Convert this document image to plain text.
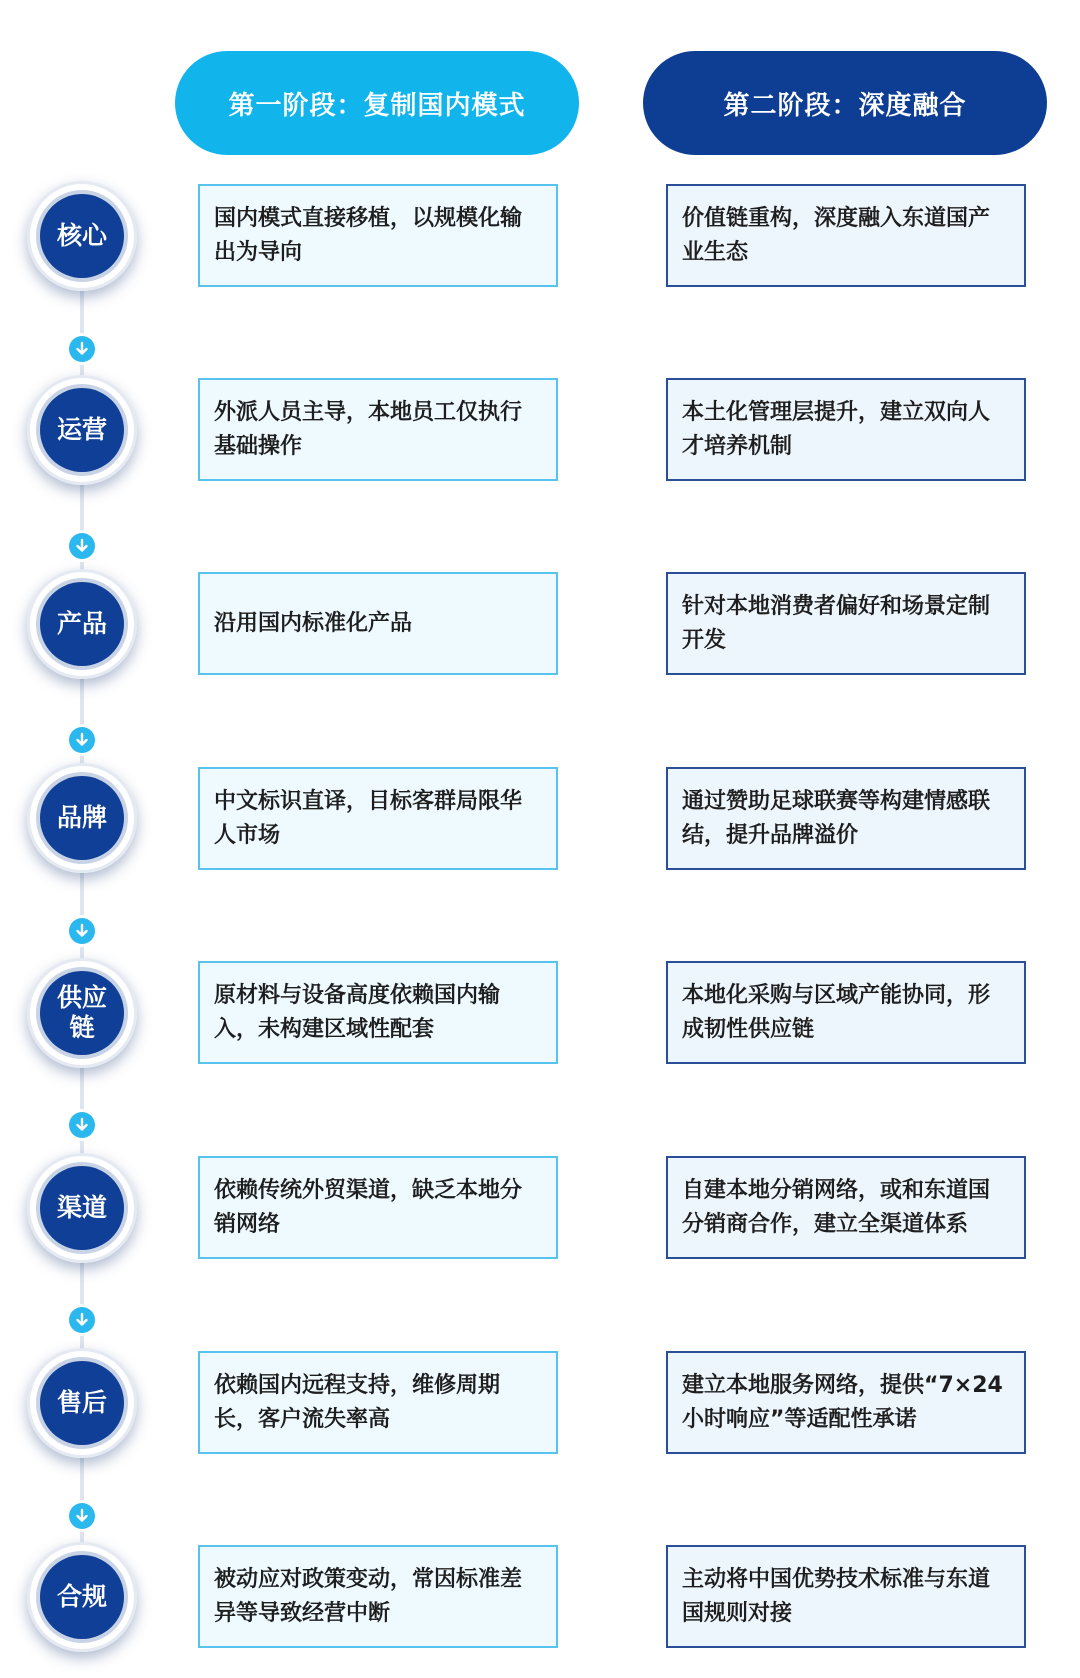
第一阶段：复制国内模式	第二阶段：深度融合
核心
国内模式直接移植，以规模化输出为导向
价值链重构，深度融入东道国产业生态
运营
外派人员主导，本地员工仅执行基础操作
本土化管理层提升，建立双向人才培养机制
产品	沿用国内标准化产品
针对本地消费者偏好和场景定制开发
品牌
中文标识直译，目标客群局限华人市场
通过赞助足球联赛等构建情感联结，提升品牌溢价
供应链
原材料与设备高度依赖国内输入，未构建区域性配套
本地化采购与区域产能协同，形成韧性供应链
渠道
依赖传统外贸渠道，缺乏本地分销网络
自建本地分销网络，或和东道国分销商合作，建立全渠道体系
售后
依赖国内远程支持，维修周期长，客户流失率高
建立本地服务网络，提供“7×24小时响应”等适配性承诺
合规
被动应对政策变动，常因标准差异等导致经营中断
主动将中国优势技术标准与东道国规则对接
